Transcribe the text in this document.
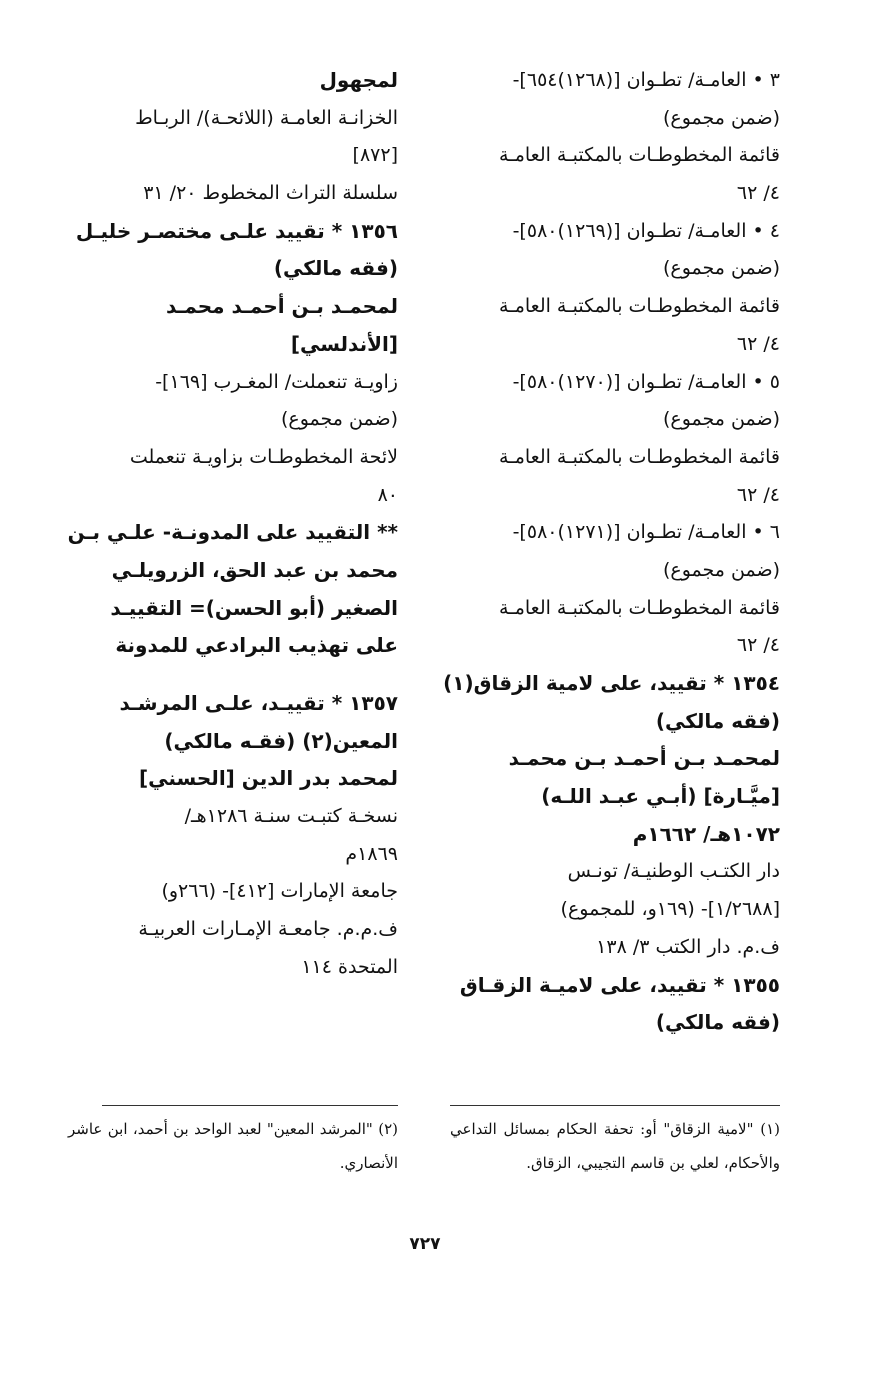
٣ • العامـة/ تطـوان [(١٢٦٨)٦٥٤]-
(ضمن مجموع)
قائمة المخطوطـات بالمكتبـة العامـة
٤/ ٦٢
٤ • العامـة/ تطـوان [(١٢٦٩)٥٨٠]-
(ضمن مجموع)
قائمة المخطوطـات بالمكتبـة العامـة
٤/ ٦٢
٥ • العامـة/ تطـوان [(١٢٧٠)٥٨٠]-
(ضمن مجموع)
قائمة المخطوطـات بالمكتبـة العامـة
٤/ ٦٢
٦ • العامـة/ تطـوان [(١٢٧١)٥٨٠]-
(ضمن مجموع)
قائمة المخطوطـات بالمكتبـة العامـة
٤/ ٦٢
١٣٥٤ * تقييد، على لامية الزقاق(١)
(فقه مالكي)
لمحمـد بـن أحمـد بـن محمـد
[ميَّـارة] (أبـي عبـد اللـه)
١٠٧٢هـ/ ١٦٦٢م
دار الكتـب الوطنيـة/ تونـس
[١/٢٦٨٨]- (١٦٩و، للمجموع)
ف.م. دار الكتب ٣/ ١٣٨
١٣٥٥ * تقييد، على لاميـة الزقـاق
(فقه مالكي)
لمجهول
الخزانـة العامـة (اللائحـة)/ الربـاط
[٨٧٢]
سلسلة التراث المخطوط ٢٠/ ٣١
١٣٥٦ * تقييد علـى مختصـر خليـل
(فقه مالكي)
لمحمـد بـن أحمـد محمـد
[الأندلسي]
زاويـة تنعملت/ المغـرب [١٦٩]-
(ضمن مجموع)
لائحة المخطوطـات بزاويـة تنعملت
٨٠
** التقييد على المدونـة- علـي بـن
محمد بن عبد الحق، الزرويلـي
الصغير (أبو الحسن)= التقييـد
على تهذيب البرادعي للمدونة
١٣٥٧ * تقييـد، علـى المرشـد
المعين(٢) (فقـه مالكي)
لمحمد بدر الدين [الحسني]
نسخـة كتبـت سنـة ١٢٨٦هـ/
١٨٦٩م
جامعة الإمارات [٤١٢]- (٢٦٦و)
ف.م.م. جامعـة الإمـارات العربيـة
المتحدة ١١٤
(١) "لامية الزقاق" أو: تحفة الحكام بمسائل التداعي والأحكام، لعلي بن قاسم التجيبي، الزقاق.
(٢) "المرشد المعين" لعبد الواحد بن أحمد، ابن عاشر الأنصاري.
٧٢٧
